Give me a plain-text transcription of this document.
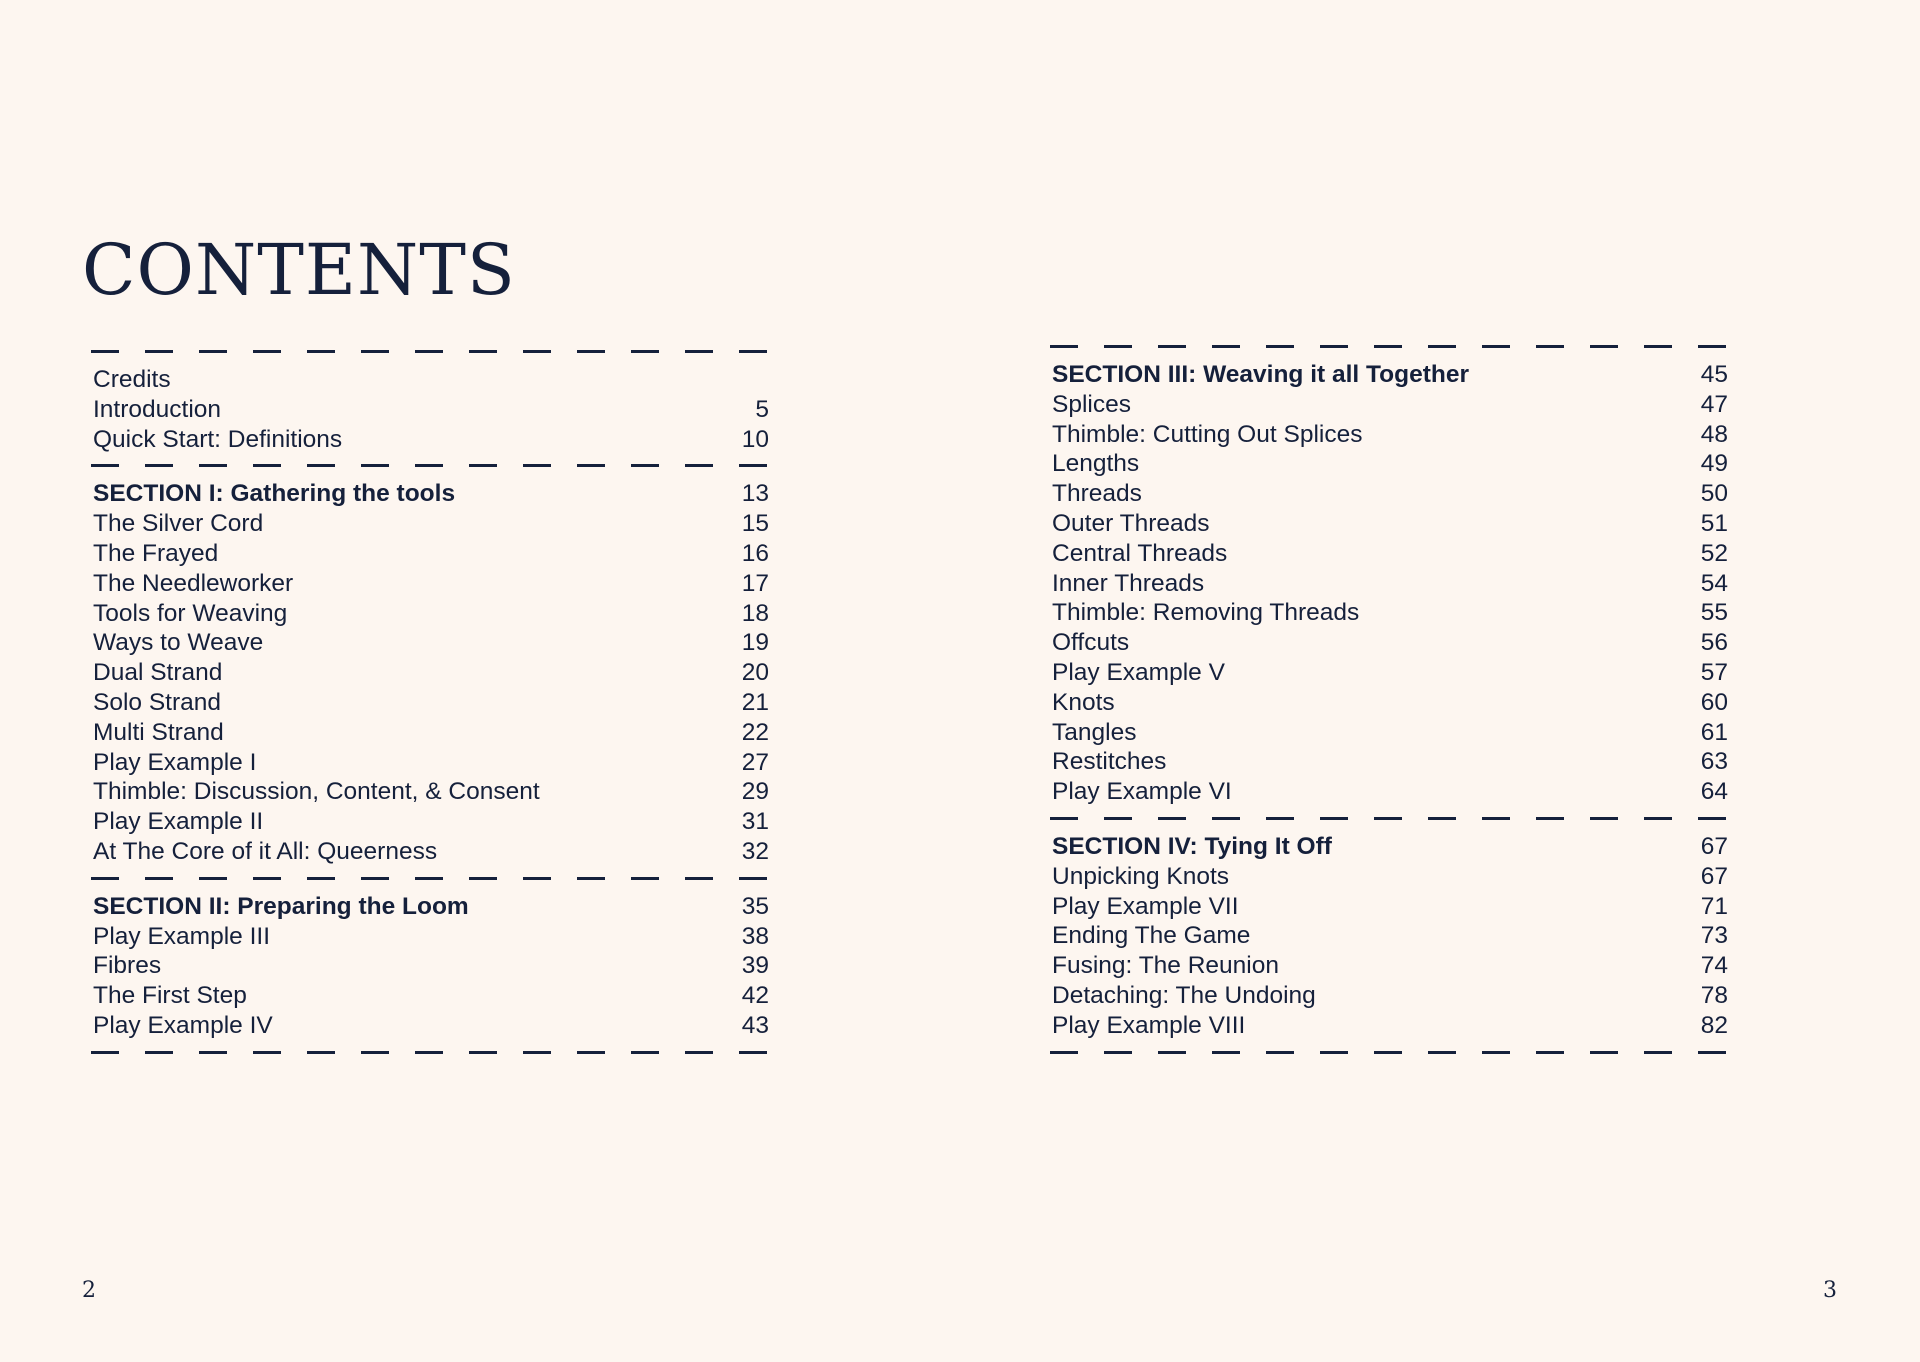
CONTENTS
Credits
Introduction	5
Quick Start: Definitions	10
SECTION I: Gathering the tools	13
The Silver Cord	15
The Frayed	16
The Needleworker	17
Tools for Weaving	18
Ways to Weave	19
Dual Strand	20
Solo Strand	21
Multi Strand	22
Play Example I	27
Thimble: Discussion, Content, & Consent	29
Play Example II	31
At The Core of it All: Queerness	32
SECTION II: Preparing the Loom	35
Play Example III	38
Fibres	39
The First Step	42
Play Example IV	43
SECTION III: Weaving it all Together	45
Splices	47
Thimble: Cutting Out Splices	48
Lengths	49
Threads	50
Outer Threads	51
Central Threads	52
Inner Threads	54
Thimble: Removing Threads	55
Offcuts	56
Play Example V	57
Knots	60
Tangles	61
Restitches	63
Play Example VI	64
SECTION IV: Tying It Off	67
Unpicking Knots	67
Play Example VII	71
Ending The Game	73
Fusing: The Reunion	74
Detaching: The Undoing	78
Play Example VIII	82
2	3
